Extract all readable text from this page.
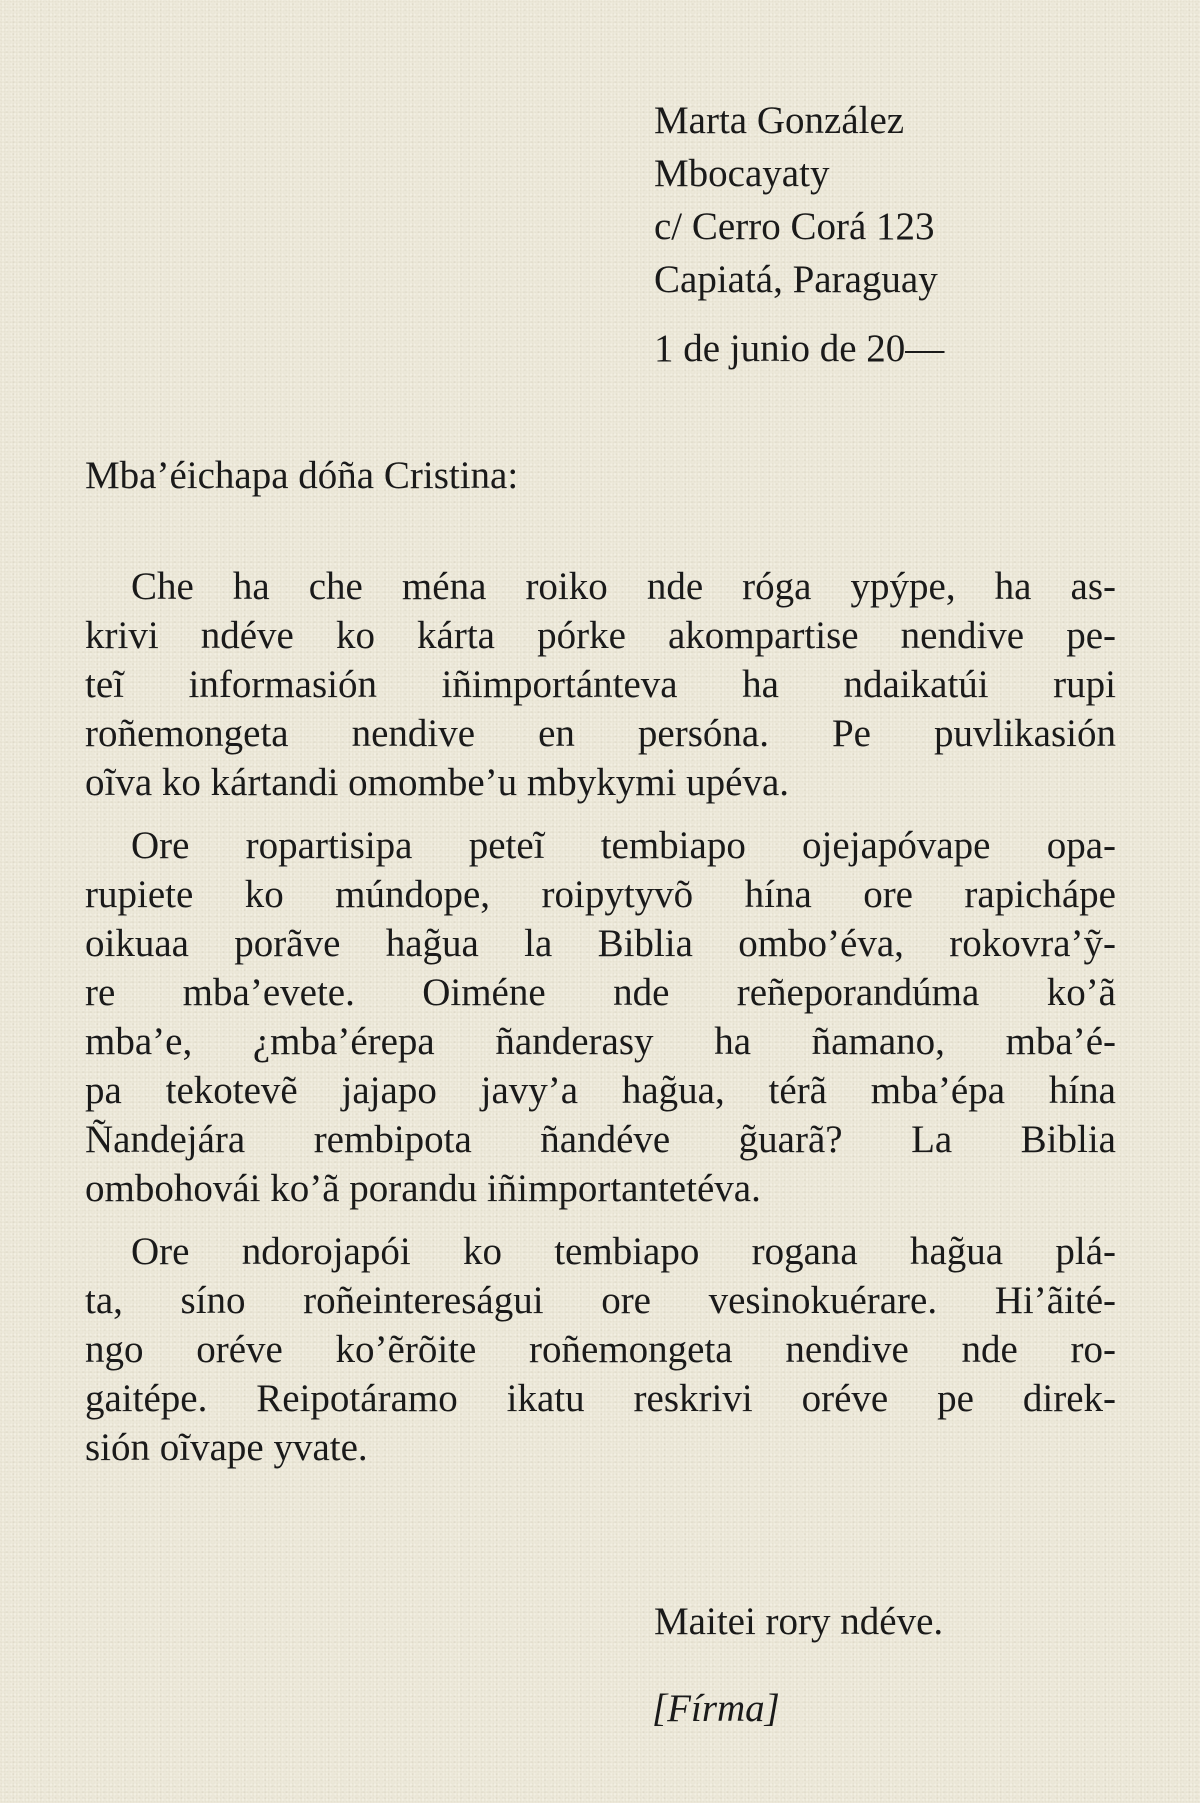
Marta González
Mbocayaty
c/ Cerro Corá 123
Capiatá, Paraguay
1 de junio de 20—
Mba’éichapa dóña Cristina:

Che ha che ména roiko nde róga ypýpe, ha as-
krivi ndéve ko kárta pórke akompartise nendive pe-
teĩ informasión iñimportánteva ha ndaikatúi rupi
roñemongeta nendive en persóna. Pe puvlikasión
oĩva ko kártandi omombe’u mbykymi upéva.

Ore ropartisipa peteĩ tembiapo ojejapóvape opa-
rupiete ko múndope, roipytyvõ hína ore rapichápe
oikuaa porãve hag̃ua la Biblia ombo’éva, rokovra’ỹ-
re mba’evete. Oiméne nde reñeporandúma ko’ã
mba’e, ¿mba’érepa ñanderasy ha ñamano, mba’é-
pa tekotevẽ jajapo javy’a hag̃ua, térã mba’épa hína
Ñandejára rembipota ñandéve g̃uarã? La Biblia
ombohovái ko’ã porandu iñimportantetéva.

Ore ndorojapói ko tembiapo rogana hag̃ua plá-
ta, síno roñeintereságui ore vesinokuérare. Hi’ãité-
ngo oréve ko’ẽrõite roñemongeta nendive nde ro-
gaitépe. Reipotáramo ikatu reskrivi oréve pe direk-
sión oĩvape yvate.

Maitei rory ndéve.
[Fírma]
